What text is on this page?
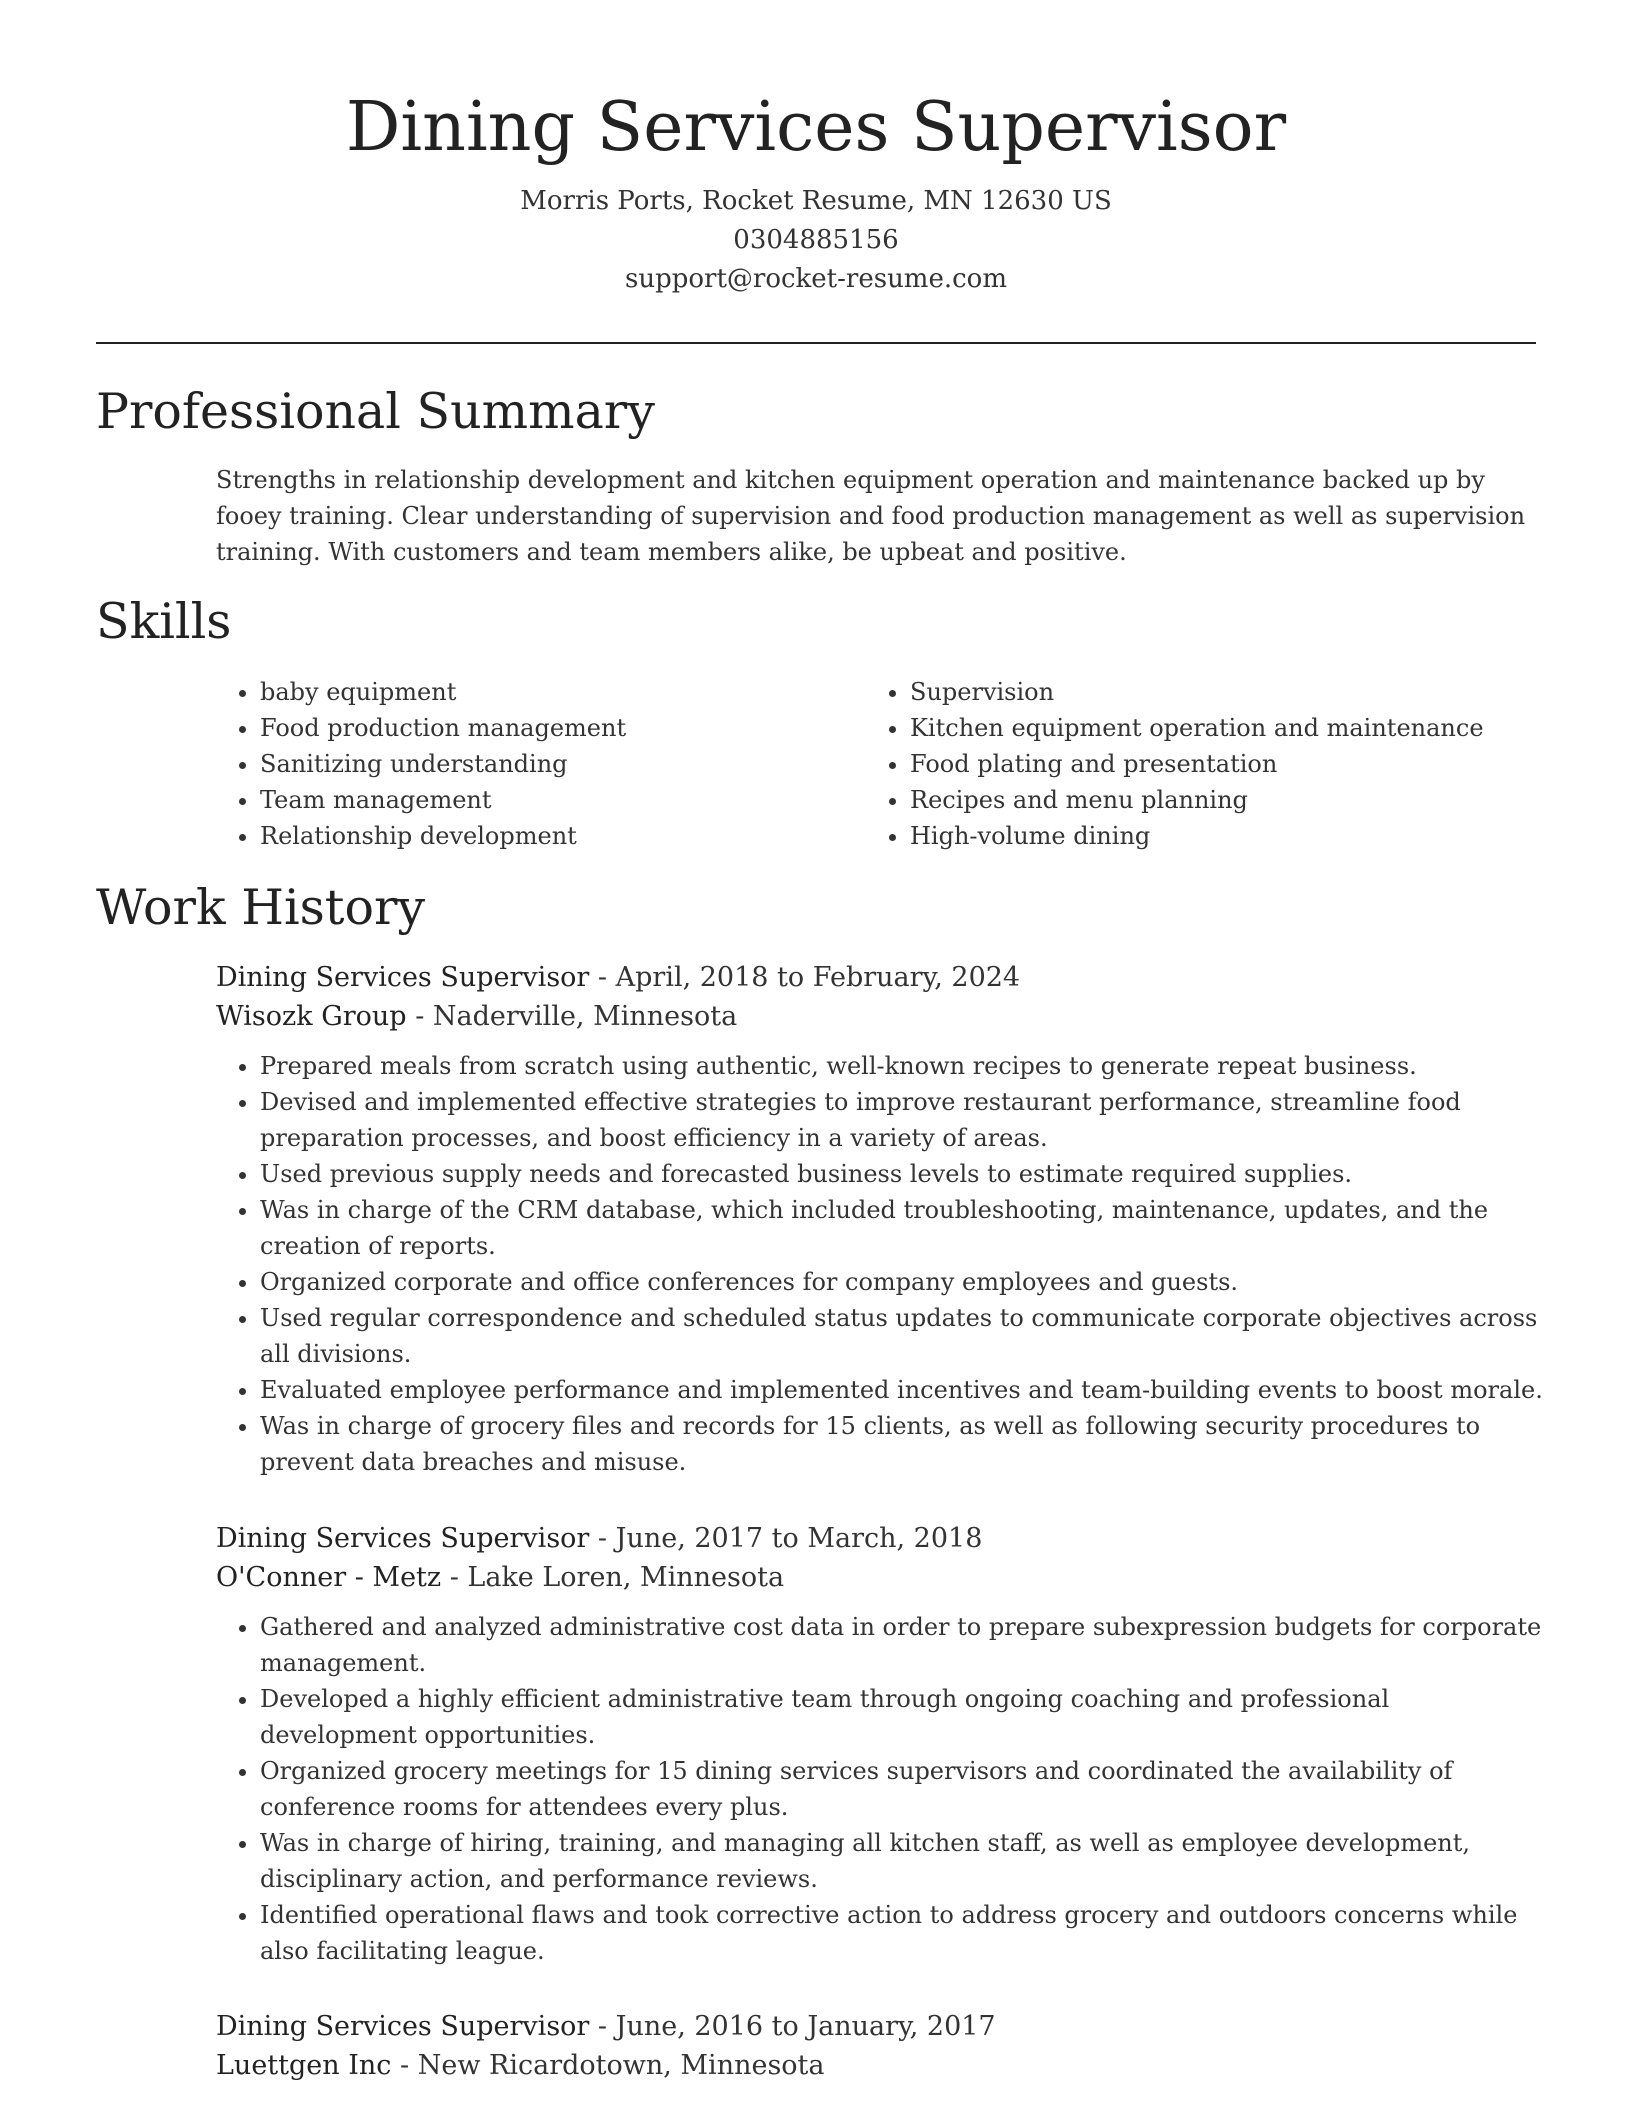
Dining Services Supervisor
Morris Ports, Rocket Resume, MN 12630 US
0304885156
support@rocket-resume.com
Professional Summary
Strengths in relationship development and kitchen equipment operation and maintenance backed up by fooey training. Clear understanding of supervision and food production management as well as supervision training. With customers and team members alike, be upbeat and positive.
Skills
• baby equipment
• Food production management
• Sanitizing understanding
• Team management
• Relationship development
• Supervision
• Kitchen equipment operation and maintenance
• Food plating and presentation
• Recipes and menu planning
• High-volume dining
Work History
Dining Services Supervisor - April, 2018 to February, 2024
Wisozk Group - Naderville, Minnesota
• Prepared meals from scratch using authentic, well-known recipes to generate repeat business.
• Devised and implemented effective strategies to improve restaurant performance, streamline food preparation processes, and boost efficiency in a variety of areas.
• Used previous supply needs and forecasted business levels to estimate required supplies.
• Was in charge of the CRM database, which included troubleshooting, maintenance, updates, and the creation of reports.
• Organized corporate and office conferences for company employees and guests.
• Used regular correspondence and scheduled status updates to communicate corporate objectives across all divisions.
• Evaluated employee performance and implemented incentives and team-building events to boost morale.
• Was in charge of grocery files and records for 15 clients, as well as following security procedures to prevent data breaches and misuse.
Dining Services Supervisor - June, 2017 to March, 2018
O'Conner - Metz - Lake Loren, Minnesota
• Gathered and analyzed administrative cost data in order to prepare subexpression budgets for corporate management.
• Developed a highly efficient administrative team through ongoing coaching and professional development opportunities.
• Organized grocery meetings for 15 dining services supervisors and coordinated the availability of conference rooms for attendees every plus.
• Was in charge of hiring, training, and managing all kitchen staff, as well as employee development, disciplinary action, and performance reviews.
• Identified operational flaws and took corrective action to address grocery and outdoors concerns while also facilitating league.
Dining Services Supervisor - June, 2016 to January, 2017
Luettgen Inc - New Ricardotown, Minnesota
